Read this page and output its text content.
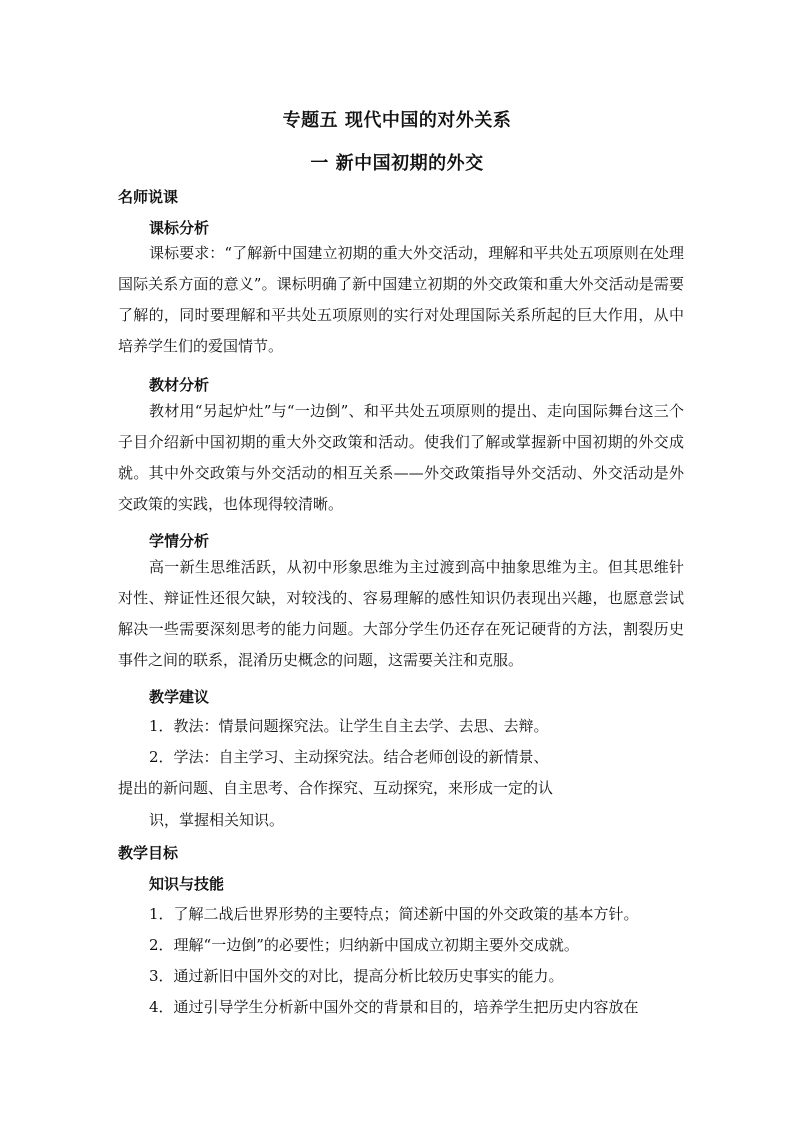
专题五 现代中国的对外关系
一 新中国初期的外交
名师说课
课标分析

课标要求：“了解新中国建立初期的重大外交活动，理解和平共处五项原则在处理国际关系方面的意义”。课标明确了新中国建立初期的外交政策和重大外交活动是需要了解的，同时要理解和平共处五项原则的实行对处理国际关系所起的巨大作用，从中培养学生们的爱国情节。

教材分析

教材用“另起炉灶”与“一边倒”、和平共处五项原则的提出、走向国际舞台这三个子目介绍新中国初期的重大外交政策和活动。使我们了解或掌握新中国初期的外交成就。其中外交政策与外交活动的相互关系——外交政策指导外交活动、外交活动是外交政策的实践，也体现得较清晰。

学情分析

高一新生思维活跃，从初中形象思维为主过渡到高中抽象思维为主。但其思维针对性、辩证性还很欠缺，对较浅的、容易理解的感性知识仍表现出兴趣，也愿意尝试解决一些需要深刻思考的能力问题。大部分学生仍还存在死记硬背的方法，割裂历史事件之间的联系，混淆历史概念的问题，这需要关注和克服。

教学建议
1．教法：情景问题探究法。让学生自主去学、去思、去辩。
2．学法：自主学习、主动探究法。结合老师创设的新情景、
提出的新问题、自主思考、合作探究、互动探究，来形成一定的认
识，掌握相关知识。
教学目标
知识与技能
1．了解二战后世界形势的主要特点；简述新中国的外交政策的基本方针。
2．理解“一边倒”的必要性；归纳新中国成立初期主要外交成就。
3．通过新旧中国外交的对比，提高分析比较历史事实的能力。
4．通过引导学生分析新中国外交的背景和目的，培养学生把历史内容放在
